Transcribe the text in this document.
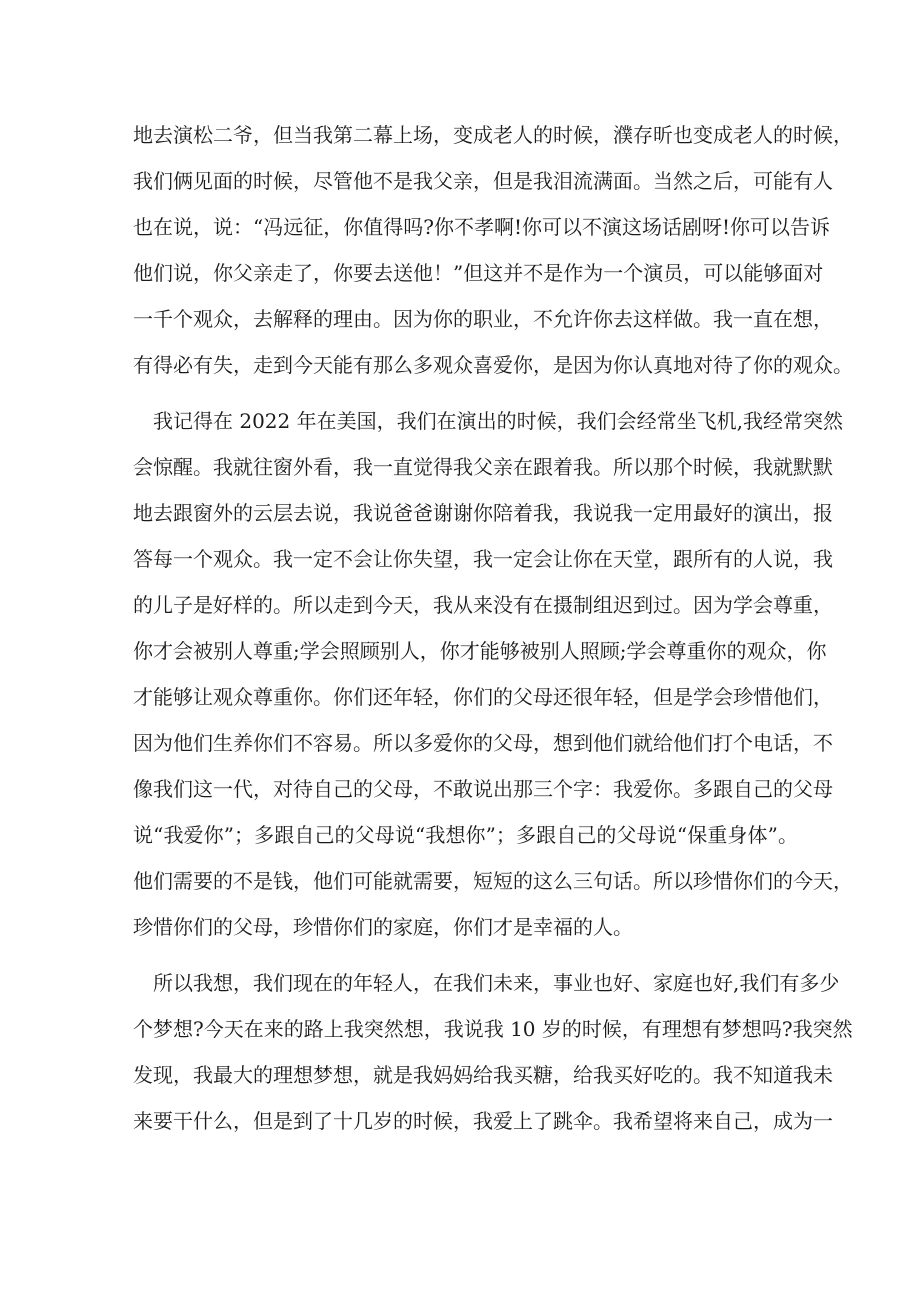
地去演松二爷，但当我第二幕上场，变成老人的时候，濮存昕也变成老人的时候，
我们俩见面的时候，尽管他不是我父亲，但是我泪流满面。当然之后，可能有人
也在说，说：“冯远征，你值得吗?你不孝啊!你可以不演这场话剧呀!你可以告诉
他们说，你父亲走了，你要去送他！”但这并不是作为一个演员，可以能够面对
一千个观众，去解释的理由。因为你的职业，不允许你去这样做。我一直在想，
有得必有失，走到今天能有那么多观众喜爱你，是因为你认真地对待了你的观众。
我记得在 2022 年在美国，我们在演出的时候，我们会经常坐飞机,我经常突然
会惊醒。我就往窗外看，我一直觉得我父亲在跟着我。所以那个时候，我就默默
地去跟窗外的云层去说，我说爸爸谢谢你陪着我，我说我一定用最好的演出，报
答每一个观众。我一定不会让你失望，我一定会让你在天堂，跟所有的人说，我
的儿子是好样的。所以走到今天，我从来没有在摄制组迟到过。因为学会尊重，
你才会被别人尊重;学会照顾别人，你才能够被别人照顾;学会尊重你的观众，你
才能够让观众尊重你。你们还年轻，你们的父母还很年轻，但是学会珍惜他们，
因为他们生养你们不容易。所以多爱你的父母，想到他们就给他们打个电话，不
像我们这一代，对待自己的父母，不敢说出那三个字：我爱你。多跟自己的父母
说“我爱你”；多跟自己的父母说“我想你”；多跟自己的父母说“保重身体”。
他们需要的不是钱，他们可能就需要，短短的这么三句话。所以珍惜你们的今天，
珍惜你们的父母，珍惜你们的家庭，你们才是幸福的人。
所以我想，我们现在的年轻人，在我们未来，事业也好、家庭也好,我们有多少
个梦想?今天在来的路上我突然想，我说我 10 岁的时候，有理想有梦想吗?我突然
发现，我最大的理想梦想，就是我妈妈给我买糖，给我买好吃的。我不知道我未
来要干什么，但是到了十几岁的时候，我爱上了跳伞。我希望将来自己，成为一
